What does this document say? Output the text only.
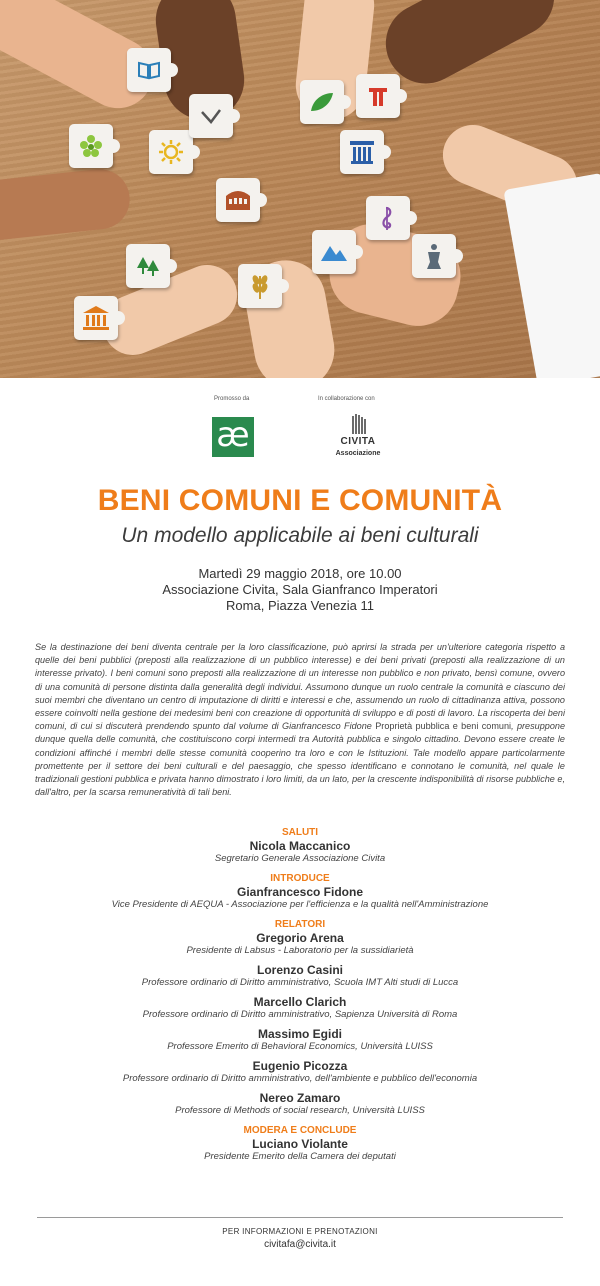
Promosso da	In collaborazione con
æ	CIVITA
Associazione
BENI COMUNI E COMUNITÀ
Un modello applicabile ai beni culturali
Martedì 29 maggio 2018, ore 10.00
Associazione Civita, Sala Gianfranco Imperatori
Roma, Piazza Venezia 11
Se la destinazione dei beni diventa centrale per la loro classificazione, può aprirsi la strada per un'ulteriore categoria rispetto a quelle dei beni pubblici (preposti alla realizzazione di un pubblico interesse) e dei beni privati (preposti alla realizzazione di un interesse privato). I beni comuni sono preposti alla realizzazione di un interesse non pubblico e non privato, bensì comune, ovvero di una comunità di persone distinta dalla generalità degli individui. Assumono dunque un ruolo centrale la comunità e ciascuno dei suoi membri che diventano un centro di imputazione di diritti e interessi e che, assumendo un ruolo di cittadinanza attiva, possono essere coinvolti nella gestione dei medesimi beni con creazione di opportunità di sviluppo e di posti di lavoro. La riscoperta dei beni comuni, di cui si discuterà prendendo spunto dal volume di Gianfrancesco Fidone Proprietà pubblica e beni comuni, presuppone dunque quella delle comunità, che costituiscono corpi intermedi tra Autorità pubblica e singolo cittadino. Devono essere create le condizioni affinché i membri delle stesse comunità cooperino tra loro e con le Istituzioni. Tale modello appare particolarmente promettente per il settore dei beni culturali e del paesaggio, che spesso identificano e connotano le comunità, nel quale le tradizionali gestioni pubblica e privata hanno dimostrato i loro limiti, da un lato, per la crescente indisponibilità di risorse pubbliche e, dall'altro, per la scarsa remuneratività di tali beni.
SALUTI
Nicola Maccanico
Segretario Generale Associazione Civita
INTRODUCE
Gianfrancesco Fidone
Vice Presidente di AEQUA - Associazione per l'efficienza e la qualità nell'Amministrazione
RELATORI
Gregorio Arena
Presidente di Labsus - Laboratorio per la sussidiarietà
Lorenzo Casini
Professore ordinario di Diritto amministrativo, Scuola IMT Alti studi di Lucca
Marcello Clarich
Professore ordinario di Diritto amministrativo, Sapienza Università di Roma
Massimo Egidi
Professore Emerito di Behavioral Economics, Università LUISS
Eugenio Picozza
Professore ordinario di Diritto amministrativo, dell'ambiente e pubblico dell'economia
Nereo Zamaro
Professore di Methods of social research, Università LUISS
MODERA E CONCLUDE
Luciano Violante
Presidente Emerito della Camera dei deputati
PER INFORMAZIONI E PRENOTAZIONI
civitafa@civita.it
